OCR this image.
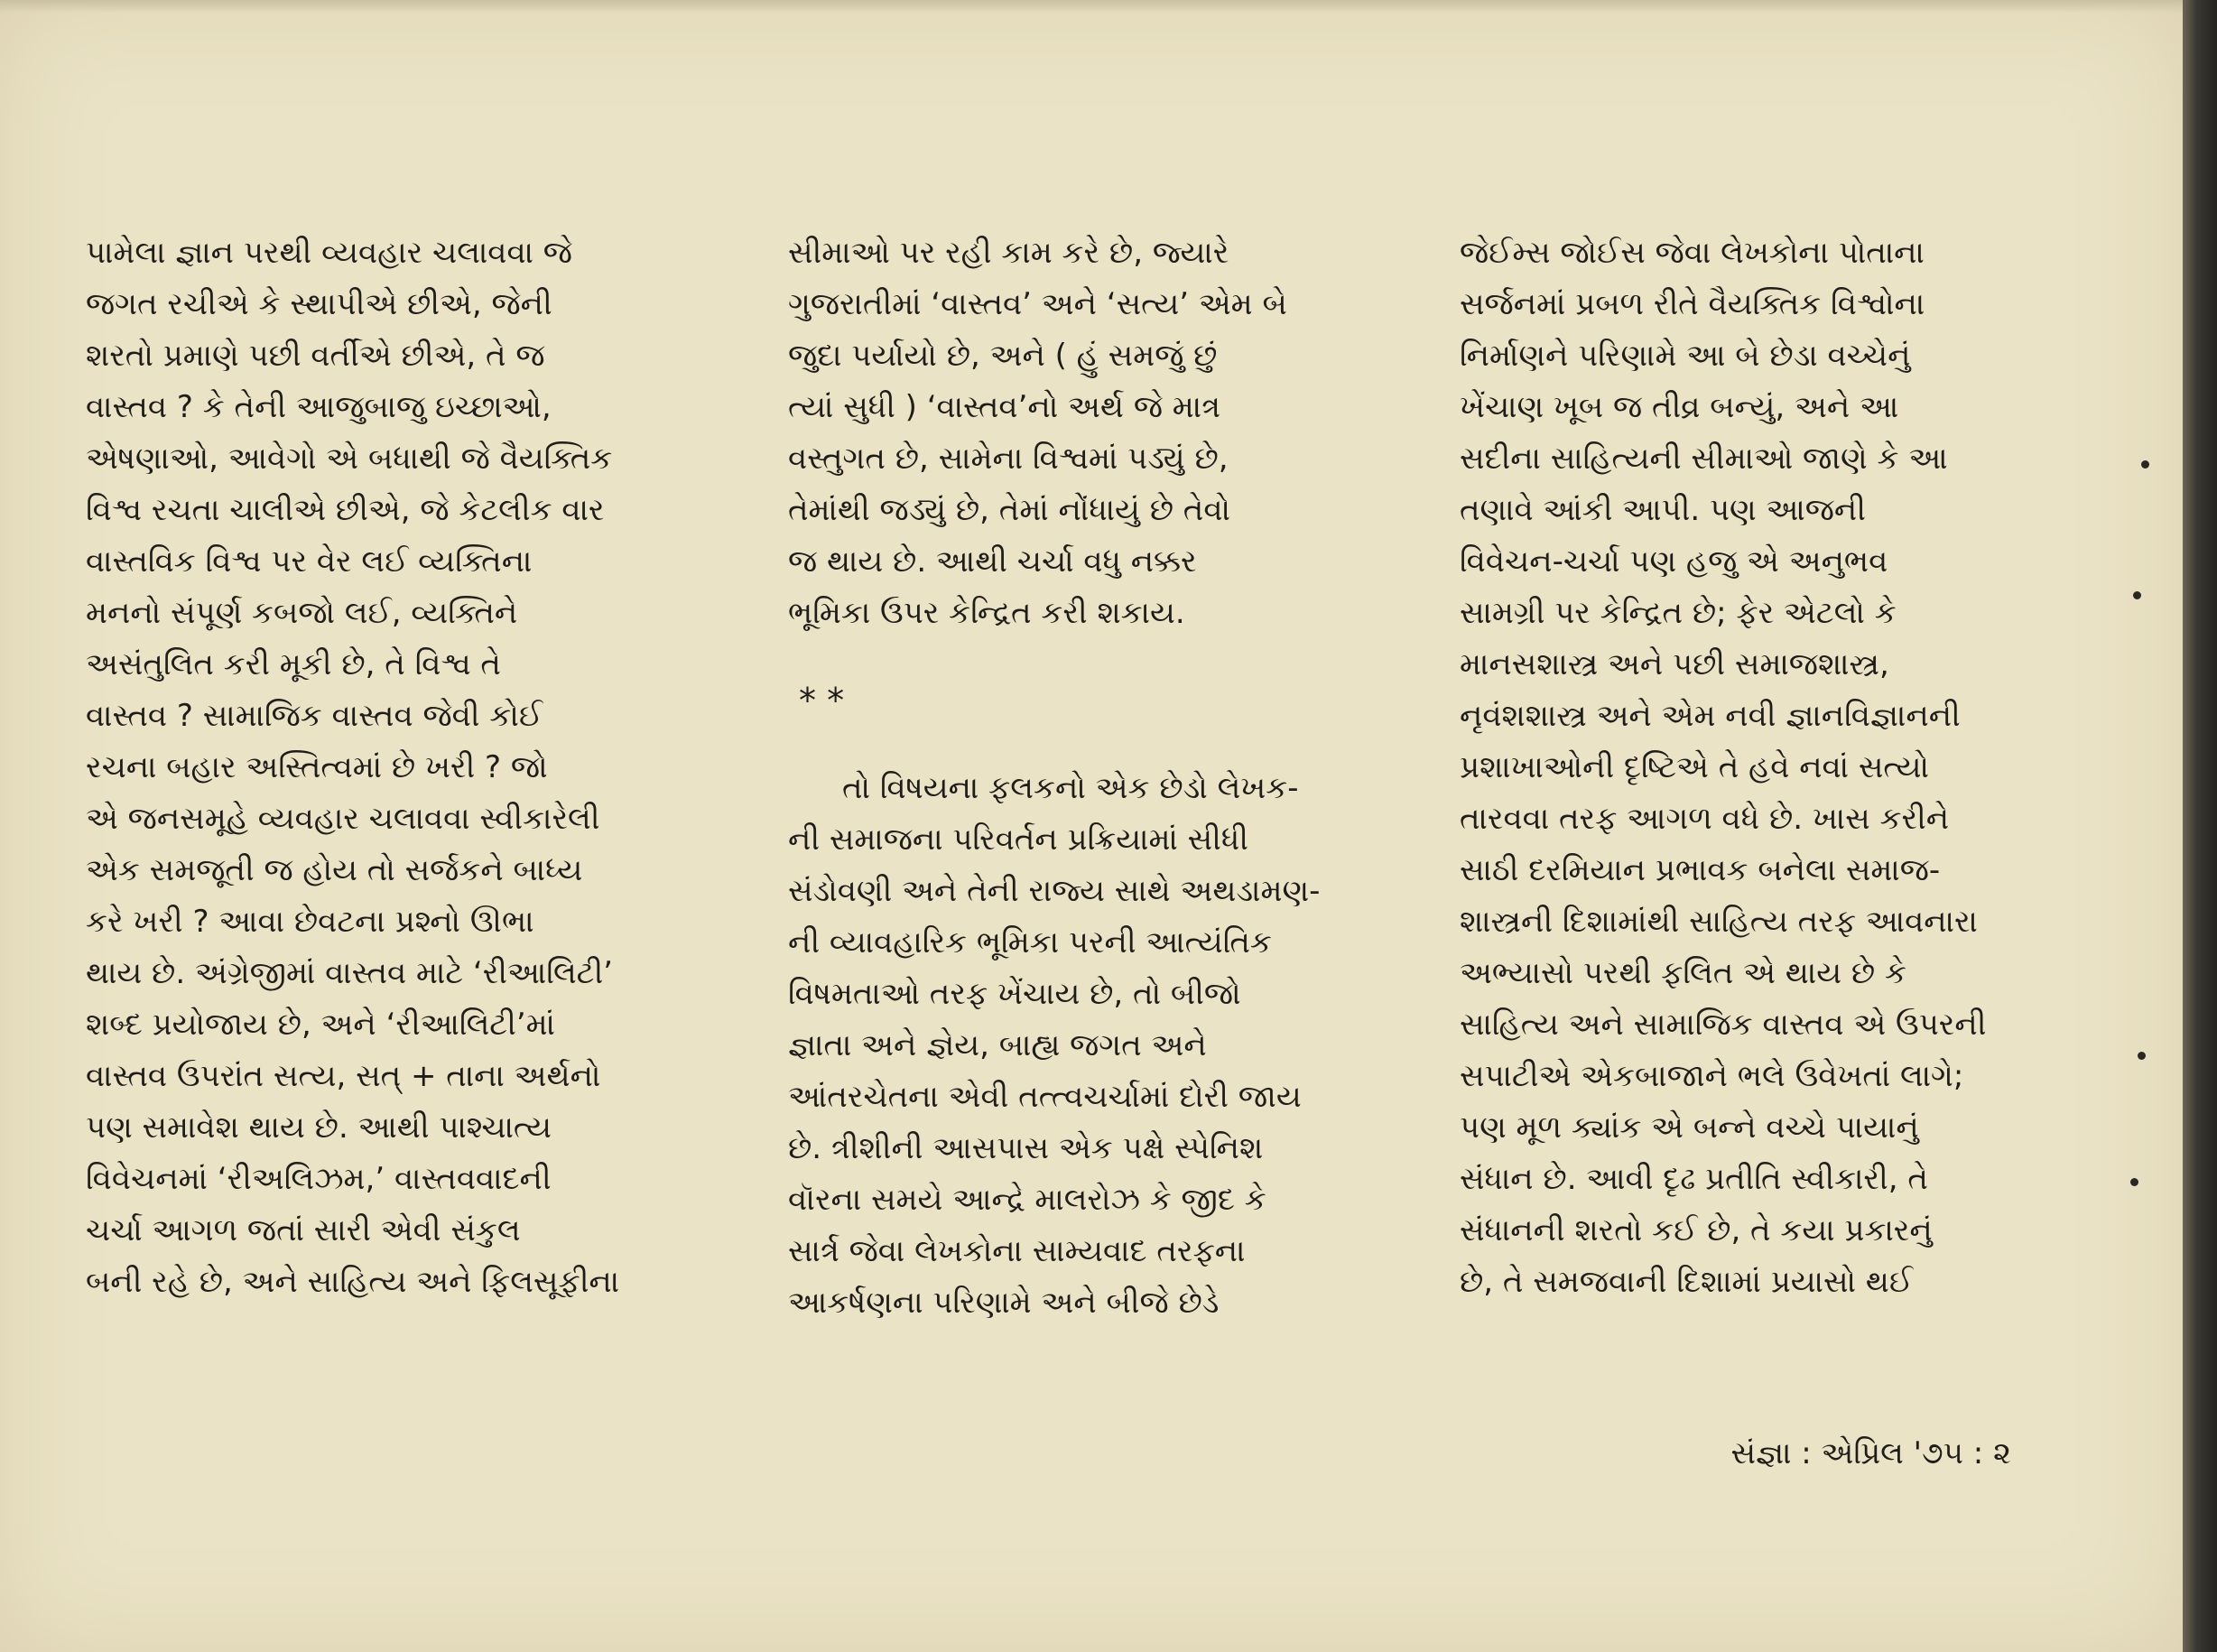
પામેલા જ્ઞાન પરથી વ્યવહાર ચલાવવા જે
જગત રચીએ કે સ્થાપીએ છીએ, જેની
શરતો પ્રમાણે પછી વર્તીએ છીએ, તે જ
વાસ્તવ ? કે તેની આજુબાજુ ઇચ્છાઓ,
એષણાઓ, આવેગો એ બધાથી જે વૈયક્તિક
વિશ્વ રચતા ચાલીએ છીએ, જે કેટલીક વાર
વાસ્તવિક વિશ્વ પર વેર લઈ વ્યક્તિના
મનનો સંપૂર્ણ કબજો લઈ, વ્યક્તિને
અસંતુલિત કરી મૂકી છે, તે વિશ્વ તે
વાસ્તવ ? સામાજિક વાસ્તવ જેવી કોઈ
રચના બહાર અસ્તિત્વમાં છે ખરી ? જો
એ જનસમૂહે વ્યવહાર ચલાવવા સ્વીકારેલી
એક સમજૂતી જ હોય તો સર્જકને બાધ્ય
કરે ખરી ? આવા છેવટના પ્રશ્નો ઊભા
થાય છે. અંગ્રેજીમાં વાસ્તવ માટે ‘રીઆલિટી’
શબ્દ પ્રયોજાય છે, અને ‘રીઆલિટી’માં
વાસ્તવ ઉપરાંત સત્ય, સત્ + તાના અર્થનો
પણ સમાવેશ થાય છે. આથી પાશ્ચાત્ય
વિવેચનમાં ‘રીઅલિઝમ,’ વાસ્તવવાદની
ચર્ચા આગળ જતાં સારી એવી સંકુલ
બની રહે છે, અને સાહિત્ય અને ફિલસૂફીના
સીમાઓ પર રહી કામ કરે છે, જ્યારે
ગુજરાતીમાં ‘વાસ્તવ’ અને ‘સત્ય’ એમ બે
જુદા પર્યાયો છે, અને ( હું સમજું છું
ત્યાં સુધી ) ‘વાસ્તવ’નો અર્થ જે માત્ર
વસ્તુગત છે, સામેના વિશ્વમાં પડ્યું છે,
તેમાંથી જડ્યું છે, તેમાં નોંધાયું છે તેવો
જ થાય છે. આથી ચર્ચા વધુ નક્કર
ભૂમિકા ઉપર કેન્દ્રિત કરી શકાય.
* *
તો વિષયના ફલકનો એક છેડો લેખક-
ની સમાજના પરિવર્તન પ્રક્રિયામાં સીધી
સંડોવણી અને તેની રાજ્ય સાથે અથડામણ-
ની વ્યાવહારિક ભૂમિકા પરની આત્યંતિક
વિષમતાઓ તરફ ખેંચાય છે, તો બીજો
જ્ઞાતા અને જ્ઞેય, બાહ્ય જગત અને
આંતરચેતના એવી તત્ત્વચર્ચામાં દોરી જાય
છે. ત્રીશીની આસપાસ એક પક્ષે સ્પેનિશ
વૉરના સમયે આન્દ્રે માલરોઝ કે જીદ કે
સાર્ત્ર જેવા લેખકોના સામ્યવાદ તરફના
આકર્ષણના પરિણામે અને બીજે છેડે
જેઈમ્સ જોઈસ જેવા લેખકોના પોતાના
સર્જનમાં પ્રબળ રીતે વૈયક્તિક વિશ્વોના
નિર્માણને પરિણામે આ બે છેડા વચ્ચેનું
ખેંચાણ ખૂબ જ તીવ્ર બન્યું, અને આ
સદીના સાહિત્યની સીમાઓ જાણે કે આ
તણાવે આંકી આપી. પણ આજની
વિવેચન-ચર્ચા પણ હજુ એ અનુભવ
સામગ્રી પર કેન્દ્રિત છે; ફેર એટલો કે
માનસશાસ્ત્ર અને પછી સમાજશાસ્ત્ર,
નૃવંશશાસ્ત્ર અને એમ નવી જ્ઞાનવિજ્ઞાનની
પ્રશાખાઓની દૃષ્ટિએ તે હવે નવાં સત્યો
તારવવા તરફ આગળ વધે છે. ખાસ કરીને
સાઠી દરમિયાન પ્રભાવક બનેલા સમાજ-
શાસ્ત્રની દિશામાંથી સાહિત્ય તરફ આવનારા
અભ્યાસો પરથી ફલિત એ થાય છે કે
સાહિત્ય અને સામાજિક વાસ્તવ એ ઉપરની
સપાટીએ એકબાજાને ભલે ઉવેખતાં લાગે;
પણ મૂળ ક્યાંક એ બન્ને વચ્ચે પાયાનું
સંધાન છે. આવી દૃઢ પ્રતીતિ સ્વીકારી, તે
સંધાનની શરતો કઈ છે, તે કયા પ્રકારનું
છે, તે સમજવાની દિશામાં પ્રયાસો થઈ
સંજ્ઞા : એપ્રિલ '૭૫ : ૨
